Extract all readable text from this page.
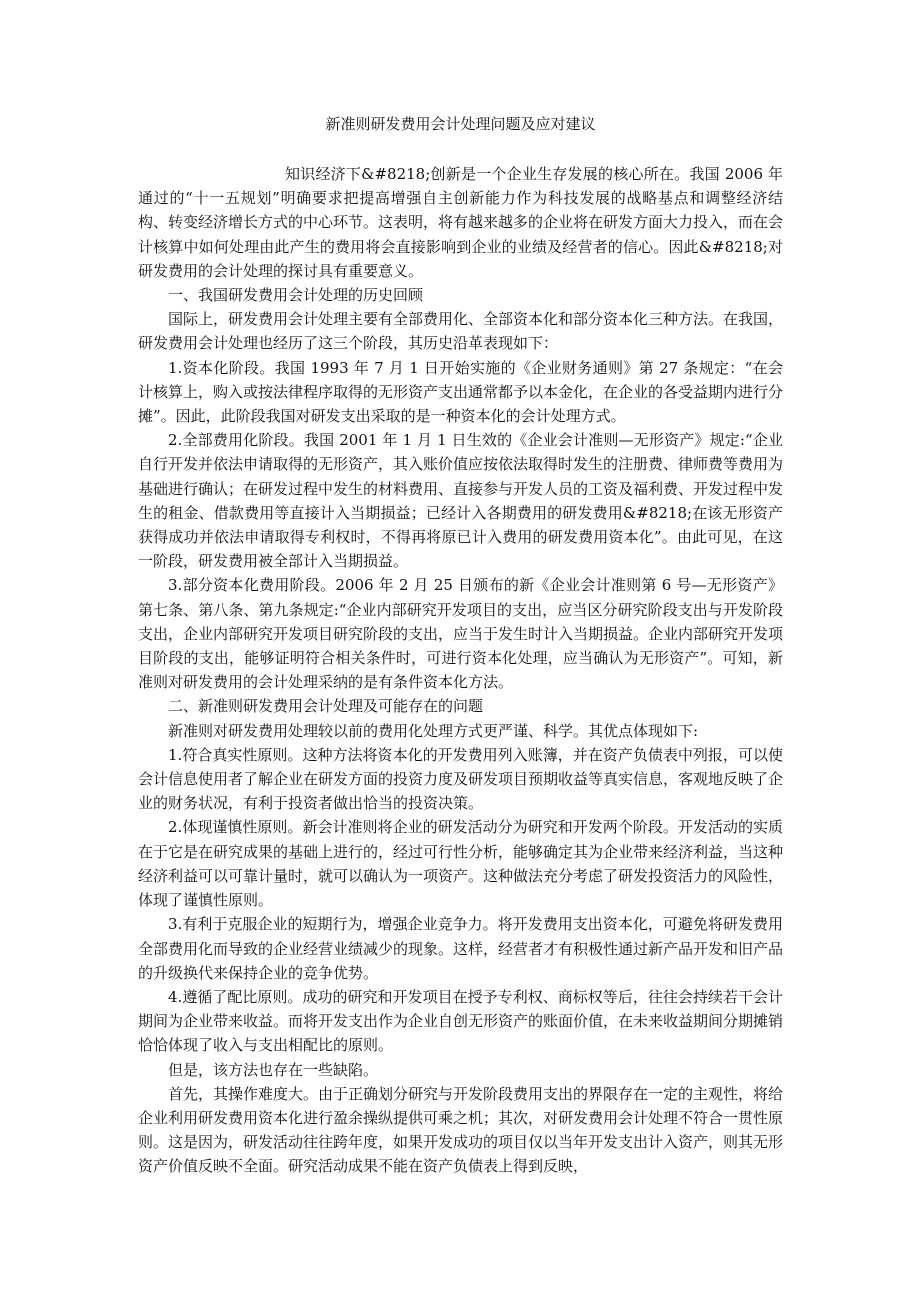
新准则研发费用会计处理问题及应对建议

知识经济下&#8218;创新是一个企业生存发展的核心所在。我国 2006 年通过的“十一五规划”明确要求把提高增强自主创新能力作为科技发展的战略基点和调整经济结构、转变经济增长方式的中心环节。这表明，将有越来越多的企业将在研发方面大力投入，而在会计核算中如何处理由此产生的费用将会直接影响到企业的业绩及经营者的信心。因此&#8218;对研发费用的会计处理的探讨具有重要意义。

一、我国研发费用会计处理的历史回顾

国际上，研发费用会计处理主要有全部费用化、全部资本化和部分资本化三种方法。在我国，研发费用会计处理也经历了这三个阶段，其历史沿革表现如下：

1.资本化阶段。我国 1993 年 7 月 1 日开始实施的《企业财务通则》第 27 条规定：“在会计核算上，购入或按法律程序取得的无形资产支出通常都予以本金化，在企业的各受益期内进行分摊”。因此，此阶段我国对研发支出采取的是一种资本化的会计处理方式。

2.全部费用化阶段。我国 2001 年 1 月 1 日生效的《企业会计准则—无形资产》规定:“企业自行开发并依法申请取得的无形资产，其入账价值应按依法取得时发生的注册费、律师费等费用为基础进行确认；在研发过程中发生的材料费用、直接参与开发人员的工资及福利费、开发过程中发生的租金、借款费用等直接计入当期损益；已经计入各期费用的研发费用&#8218;在该无形资产获得成功并依法申请取得专利权时，不得再将原已计入费用的研发费用资本化”。由此可见，在这一阶段，研发费用被全部计入当期损益。

3.部分资本化费用阶段。2006 年 2 月 25 日颁布的新《企业会计准则第 6 号—无形资产》第七条、第八条、第九条规定:“企业内部研究开发项目的支出，应当区分研究阶段支出与开发阶段支出，企业内部研究开发项目研究阶段的支出，应当于发生时计入当期损益。企业内部研究开发项目阶段的支出，能够证明符合相关条件时，可进行资本化处理，应当确认为无形资产”。可知，新准则对研发费用的会计处理采纳的是有条件资本化方法。

二、新准则研发费用会计处理及可能存在的问题

新准则对研发费用处理较以前的费用化处理方式更严谨、科学。其优点体现如下:

1.符合真实性原则。这种方法将资本化的开发费用列入账簿，并在资产负债表中列报，可以使会计信息使用者了解企业在研发方面的投资力度及研发项目预期收益等真实信息，客观地反映了企业的财务状况，有利于投资者做出恰当的投资决策。

2.体现谨慎性原则。新会计准则将企业的研发活动分为研究和开发两个阶段。开发活动的实质在于它是在研究成果的基础上进行的，经过可行性分析，能够确定其为企业带来经济利益，当这种经济利益可以可靠计量时，就可以确认为一项资产。这种做法充分考虑了研发投资活力的风险性，体现了谨慎性原则。

3.有利于克服企业的短期行为，增强企业竞争力。将开发费用支出资本化，可避免将研发费用全部费用化而导致的企业经营业绩减少的现象。这样，经营者才有积极性通过新产品开发和旧产品的升级换代来保持企业的竞争优势。

4.遵循了配比原则。成功的研究和开发项目在授予专利权、商标权等后，往往会持续若干会计期间为企业带来收益。而将开发支出作为企业自创无形资产的账面价值，在未来收益期间分期摊销恰恰体现了收入与支出相配比的原则。

但是，该方法也存在一些缺陷。

首先，其操作难度大。由于正确划分研究与开发阶段费用支出的界限存在一定的主观性，将给企业利用研发费用资本化进行盈余操纵提供可乘之机；其次，对研发费用会计处理不符合一贯性原则。这是因为，研发活动往往跨年度，如果开发成功的项目仅以当年开发支出计入资产，则其无形资产价值反映不全面。研究活动成果不能在资产负债表上得到反映，
